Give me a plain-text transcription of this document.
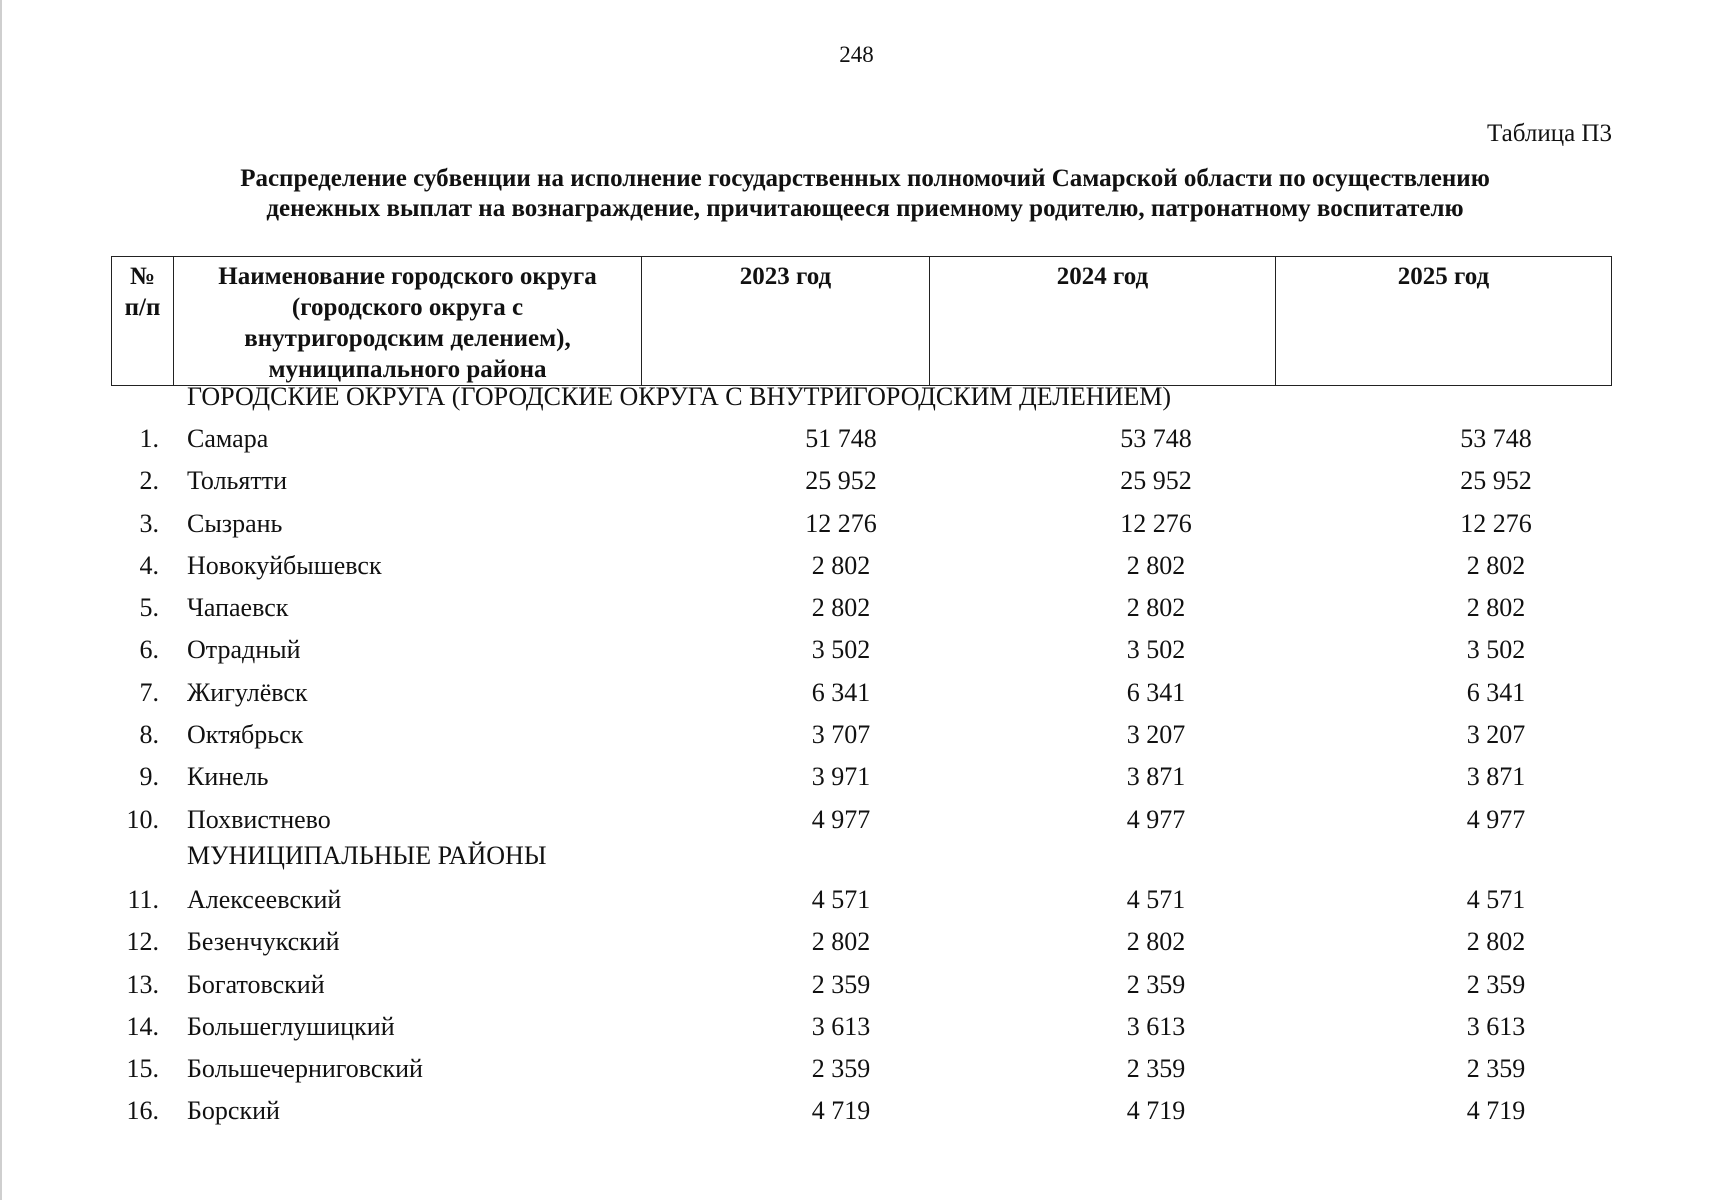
248
Таблица П3
Распределение субвенции на исполнение государственных полномочий Самарской области по осуществлению
денежных выплат на вознаграждение, причитающееся приемному родителю, патронатному воспитателю
№
п/п

Наименование городского округа
(городского округа с
внутригородским делением),
муниципального района
	2023 год	2024 год	2025 год
ГОРОДСКИЕ ОКРУГА (ГОРОДСКИЕ ОКРУГА С ВНУТРИГОРОДСКИМ ДЕЛЕНИЕМ)
1. Самара	51 748	53 748	53 748
2. Тольятти	25 952	25 952	25 952
3. Сызрань	12 276	12 276	12 276
4. Новокуйбышевск	2 802	2 802	2 802
5. Чапаевск	2 802	2 802	2 802
6. Отрадный	3 502	3 502	3 502
7. Жигулёвск	6 341	6 341	6 341
8. Октябрьск	3 707	3 207	3 207
9. Кинель	3 971	3 871	3 871
10. Похвистнево	4 977	4 977	4 977
МУНИЦИПАЛЬНЫЕ РАЙОНЫ
11. Алексеевский	4 571	4 571	4 571
12. Безенчукский	2 802	2 802	2 802
13. Богатовский	2 359	2 359	2 359
14. Большеглушицкий	3 613	3 613	3 613
15. Большечерниговский	2 359	2 359	2 359
16. Борский	4 719	4 719	4 719
